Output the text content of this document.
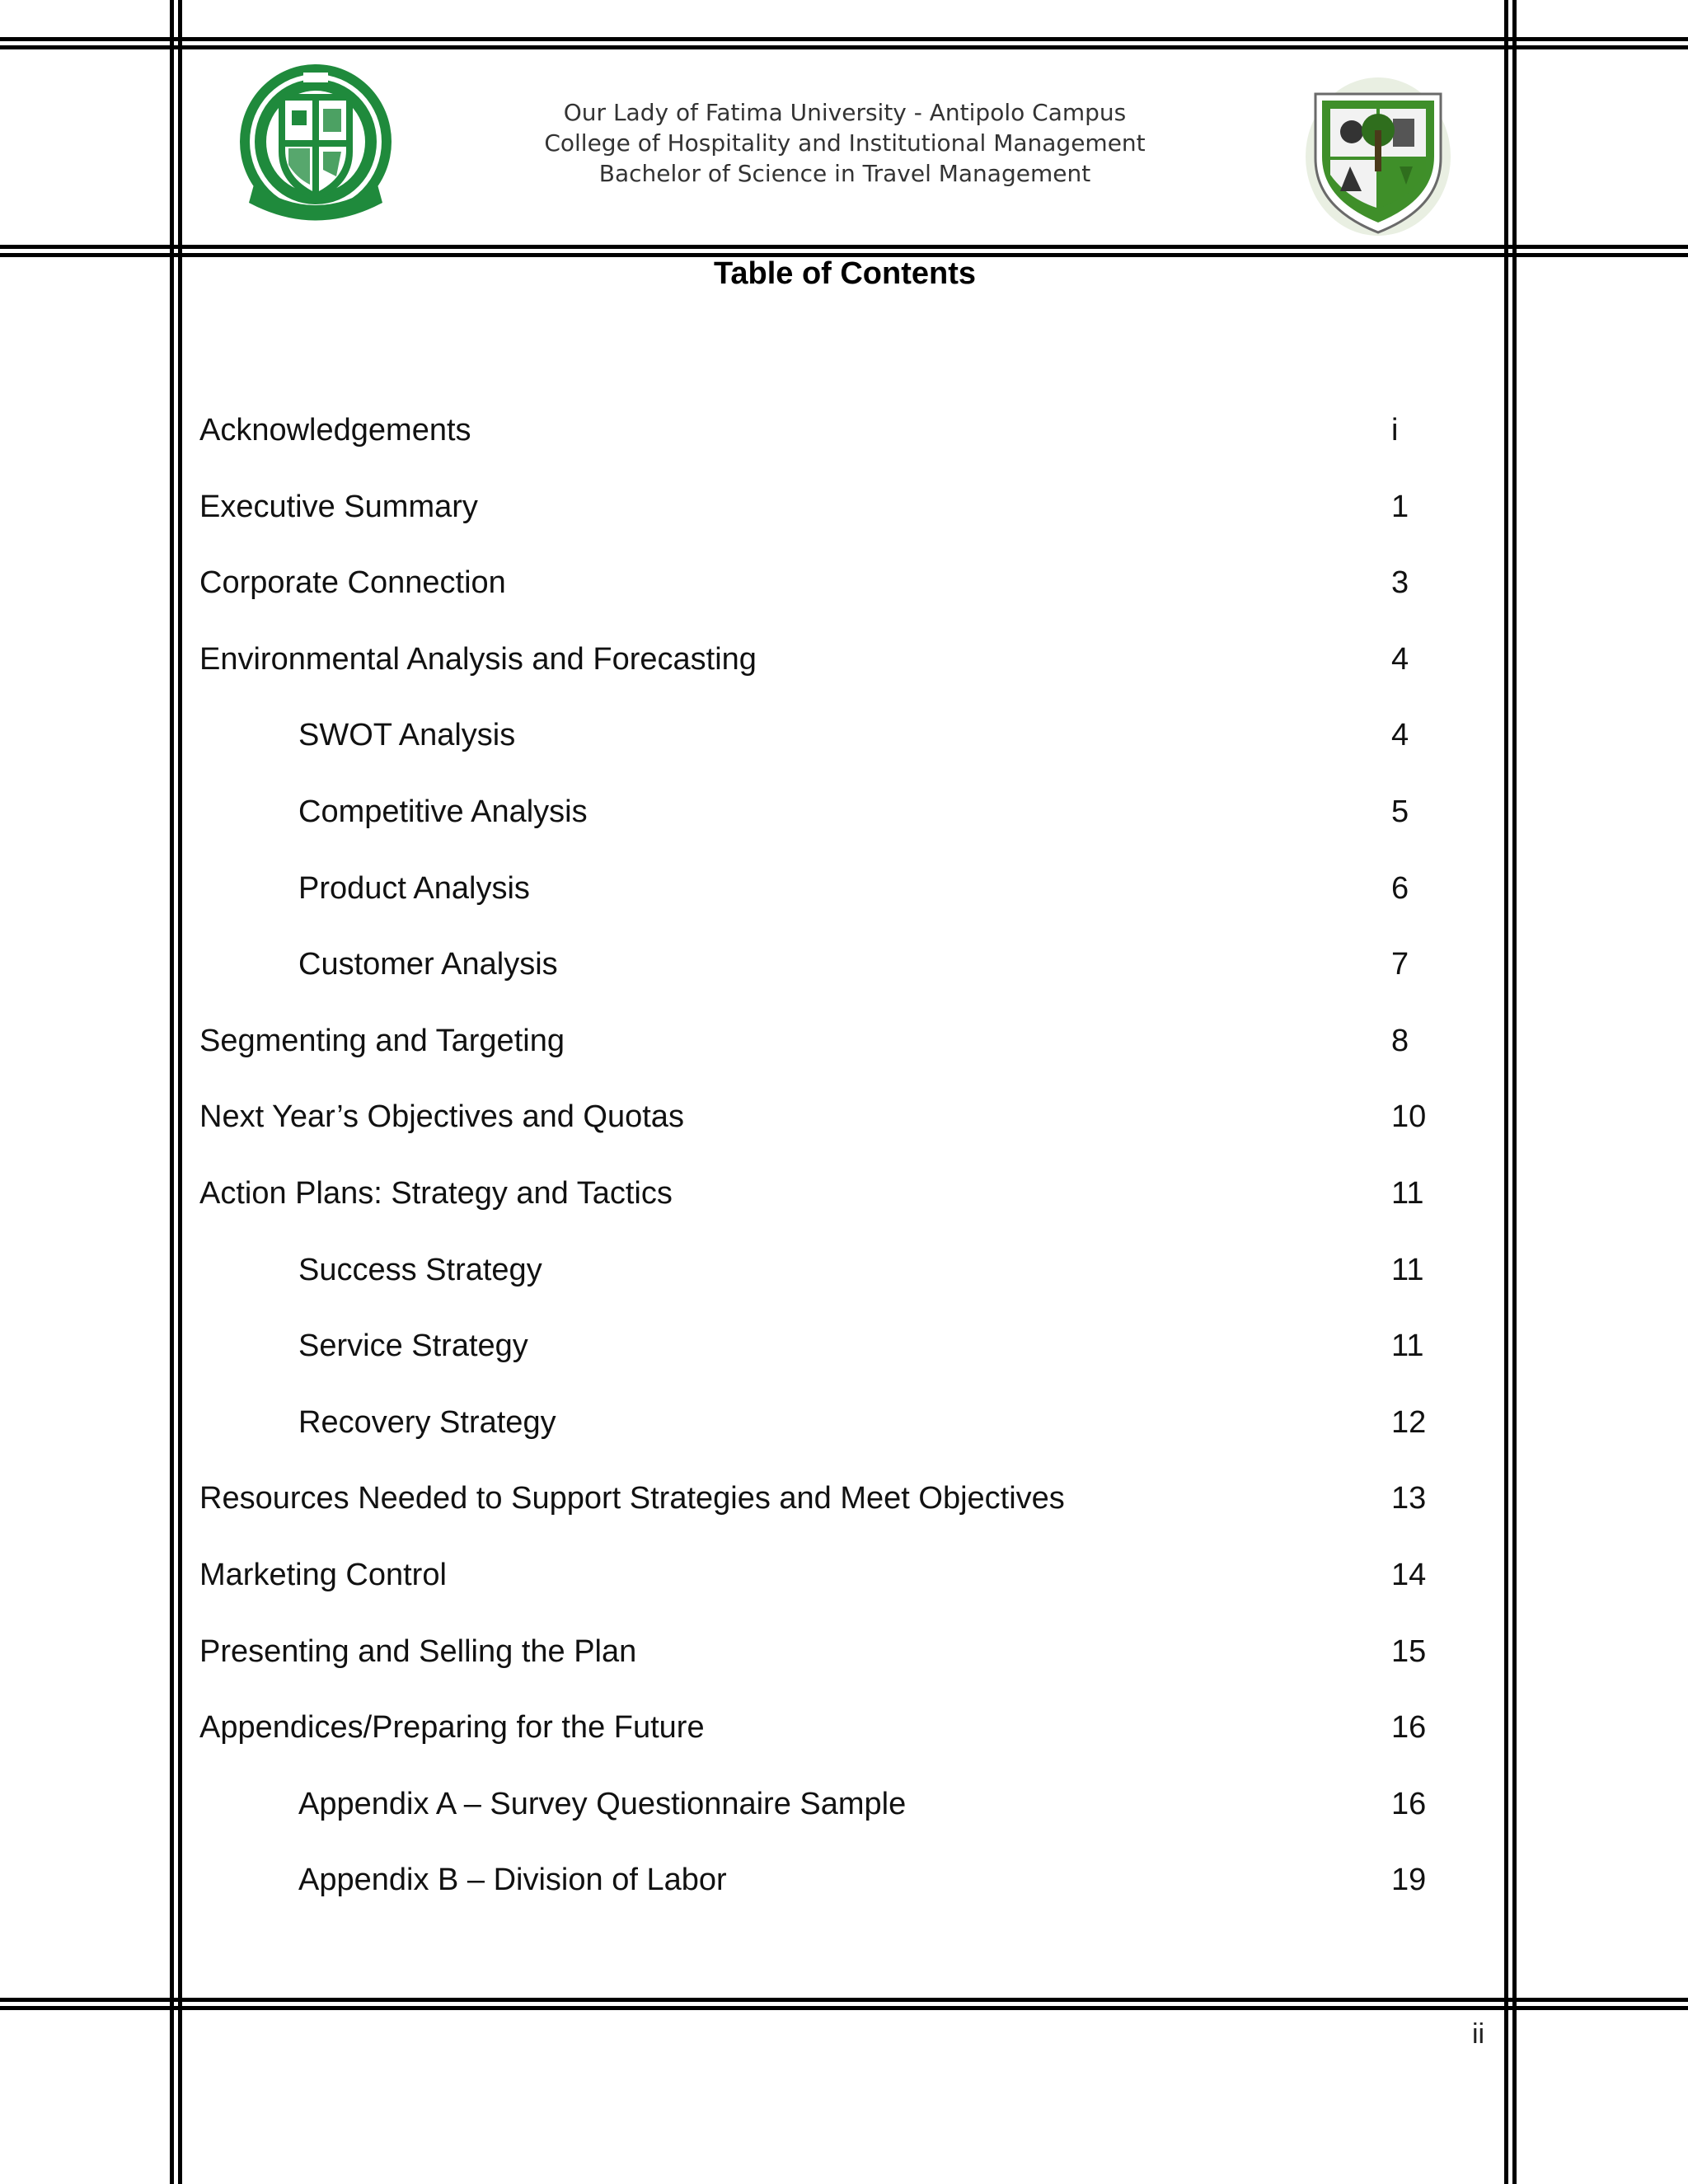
Our Lady of Fatima University - Antipolo Campus
College of Hospitality and Institutional Management
Bachelor of Science in Travel Management
Table of Contents
Acknowledgements	i
Executive Summary	1
Corporate Connection	3
Environmental Analysis and Forecasting	4
SWOT Analysis	4
Competitive Analysis	5
Product Analysis	6
Customer Analysis	7
Segmenting and Targeting	8
Next Year’s Objectives and Quotas	10
Action Plans: Strategy and Tactics	11
Success Strategy	11
Service Strategy	11
Recovery Strategy	12
Resources Needed to Support Strategies and Meet Objectives	13
Marketing Control	14
Presenting and Selling the Plan	15
Appendices/Preparing for the Future	16
Appendix A – Survey Questionnaire Sample	16
Appendix B – Division of Labor	19
ii
